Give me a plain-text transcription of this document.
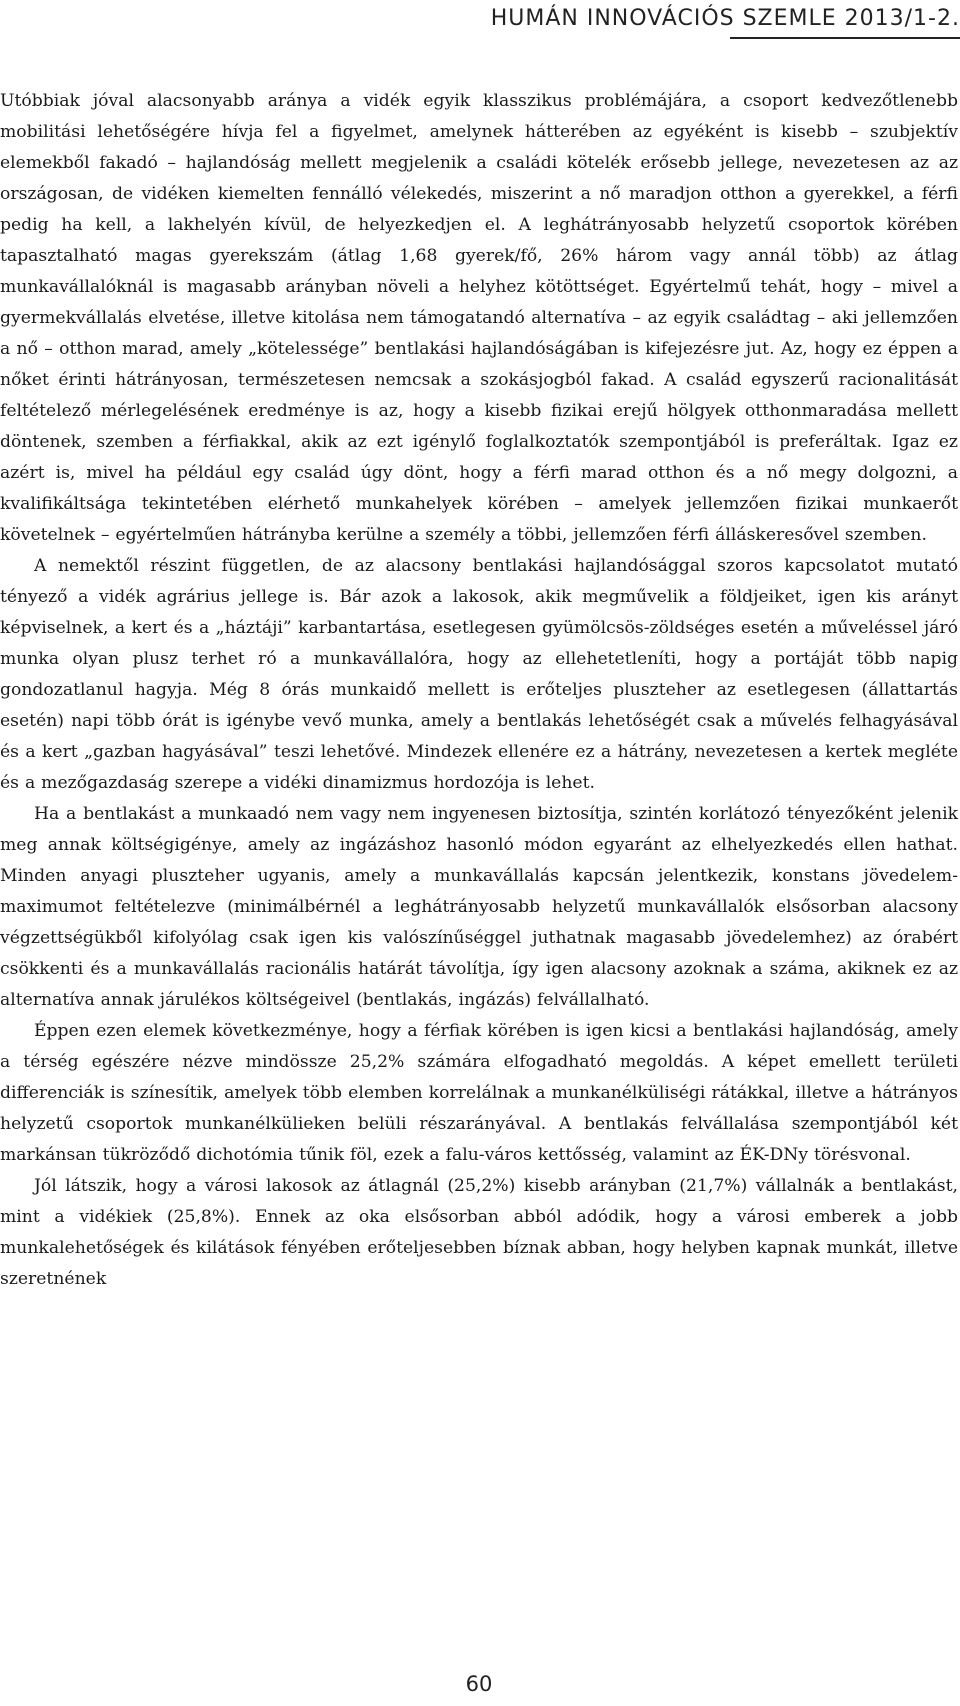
HUMÁN INNOVÁCIÓS SZEMLE 2013/1-2.

Utóbbiak jóval alacsonyabb aránya a vidék egyik klasszikus problémájára, a csoport kedvezőtlenebb mobilitási lehetőségére hívja fel a figyelmet, amelynek hátterében az egyéként is kisebb – szubjektív elemekből fakadó – hajlandóság mellett megjelenik a családi kötelék erősebb jellege, nevezetesen az az országosan, de vidéken kiemelten fennálló vélekedés, miszerint a nő maradjon otthon a gyerekkel, a férfi pedig ha kell, a lakhelyén kívül, de helyezkedjen el. A leghátrányosabb helyzetű csoportok körében tapasztalható magas gyerekszám (átlag 1,68 gyerek/fő, 26% három vagy annál több) az átlag munkavállalóknál is magasabb arányban növeli a helyhez kötöttséget. Egyértelmű tehát, hogy – mivel a gyermekvállalás elvetése, illetve kitolása nem támogatandó alternatíva – az egyik családtag – aki jellemzően a nő – otthon marad, amely „kötelessége” bentlakási hajlandóságában is kifejezésre jut. Az, hogy ez éppen a nőket érinti hátrányosan, természetesen nemcsak a szokásjogból fakad. A család egyszerű racionalitását feltételező mérlegelésének eredménye is az, hogy a kisebb fizikai erejű hölgyek otthonmaradása mellett döntenek, szemben a férfiakkal, akik az ezt igénylő foglalkoztatók szempontjából is preferáltak. Igaz ez azért is, mivel ha például egy család úgy dönt, hogy a férfi marad otthon és a nő megy dolgozni, a kvalifikáltsága tekintetében elérhető munkahelyek körében – amelyek jellemzően fizikai munkaerőt követelnek – egyértelműen hátrányba kerülne a személy a többi, jellemzően férfi álláskeresővel szemben.

A nemektől részint független, de az alacsony bentlakási hajlandósággal szoros kapcsolatot mutató tényező a vidék agrárius jellege is. Bár azok a lakosok, akik megművelik a földjeiket, igen kis arányt képviselnek, a kert és a „háztáji” karbantartása, esetlegesen gyümölcsös-zöldséges esetén a műveléssel járó munka olyan plusz terhet ró a munkavállalóra, hogy az ellehetetleníti, hogy a portáját több napig gondozatlanul hagyja. Még 8 órás munkaidő mellett is erőteljes pluszteher az esetlegesen (állattartás esetén) napi több órát is igénybe vevő munka, amely a bentlakás lehetőségét csak a művelés felhagyásával és a kert „gazban hagyásával” teszi lehetővé. Mindezek ellenére ez a hátrány, nevezetesen a kertek megléte és a mezőgazdaság szerepe a vidéki dinamizmus hordozója is lehet.

Ha a bentlakást a munkaadó nem vagy nem ingyenesen biztosítja, szintén korlátozó tényezőként jelenik meg annak költségigénye, amely az ingázáshoz hasonló módon egyaránt az elhelyezkedés ellen hathat. Minden anyagi pluszteher ugyanis, amely a munkavállalás kapcsán jelentkezik, konstans jövedelem-maximumot feltételezve (minimálbérnél a leghátrányosabb helyzetű munkavállalók elsősorban alacsony végzettségükből kifolyólag csak igen kis valószínűséggel juthatnak magasabb jövedelemhez) az órabért csökkenti és a munkavállalás racionális határát távolítja, így igen alacsony azoknak a száma, akiknek ez az alternatíva annak járulékos költségeivel (bentlakás, ingázás) felvállalható.

Éppen ezen elemek következménye, hogy a férfiak körében is igen kicsi a bentlakási hajlandóság, amely a térség egészére nézve mindössze 25,2% számára elfogadható megoldás. A képet emellett területi differenciák is színesítik, amelyek több elemben korrelálnak a munkanélküliségi rátákkal, illetve a hátrányos helyzetű csoportok munkanélkülieken belüli részarányával. A bentlakás felvállalása szempontjából két markánsan tükröződő dichotómia tűnik föl, ezek a falu-város kettősség, valamint az ÉK-DNy törésvonal.

Jól látszik, hogy a városi lakosok az átlagnál (25,2%) kisebb arányban (21,7%) vállalnák a bentlakást, mint a vidékiek (25,8%). Ennek az oka elsősorban abból adódik, hogy a városi emberek a jobb munkalehetőségek és kilátások fényében erőteljesebben bíznak abban, hogy helyben kapnak munkát, illetve szeretnének

60
